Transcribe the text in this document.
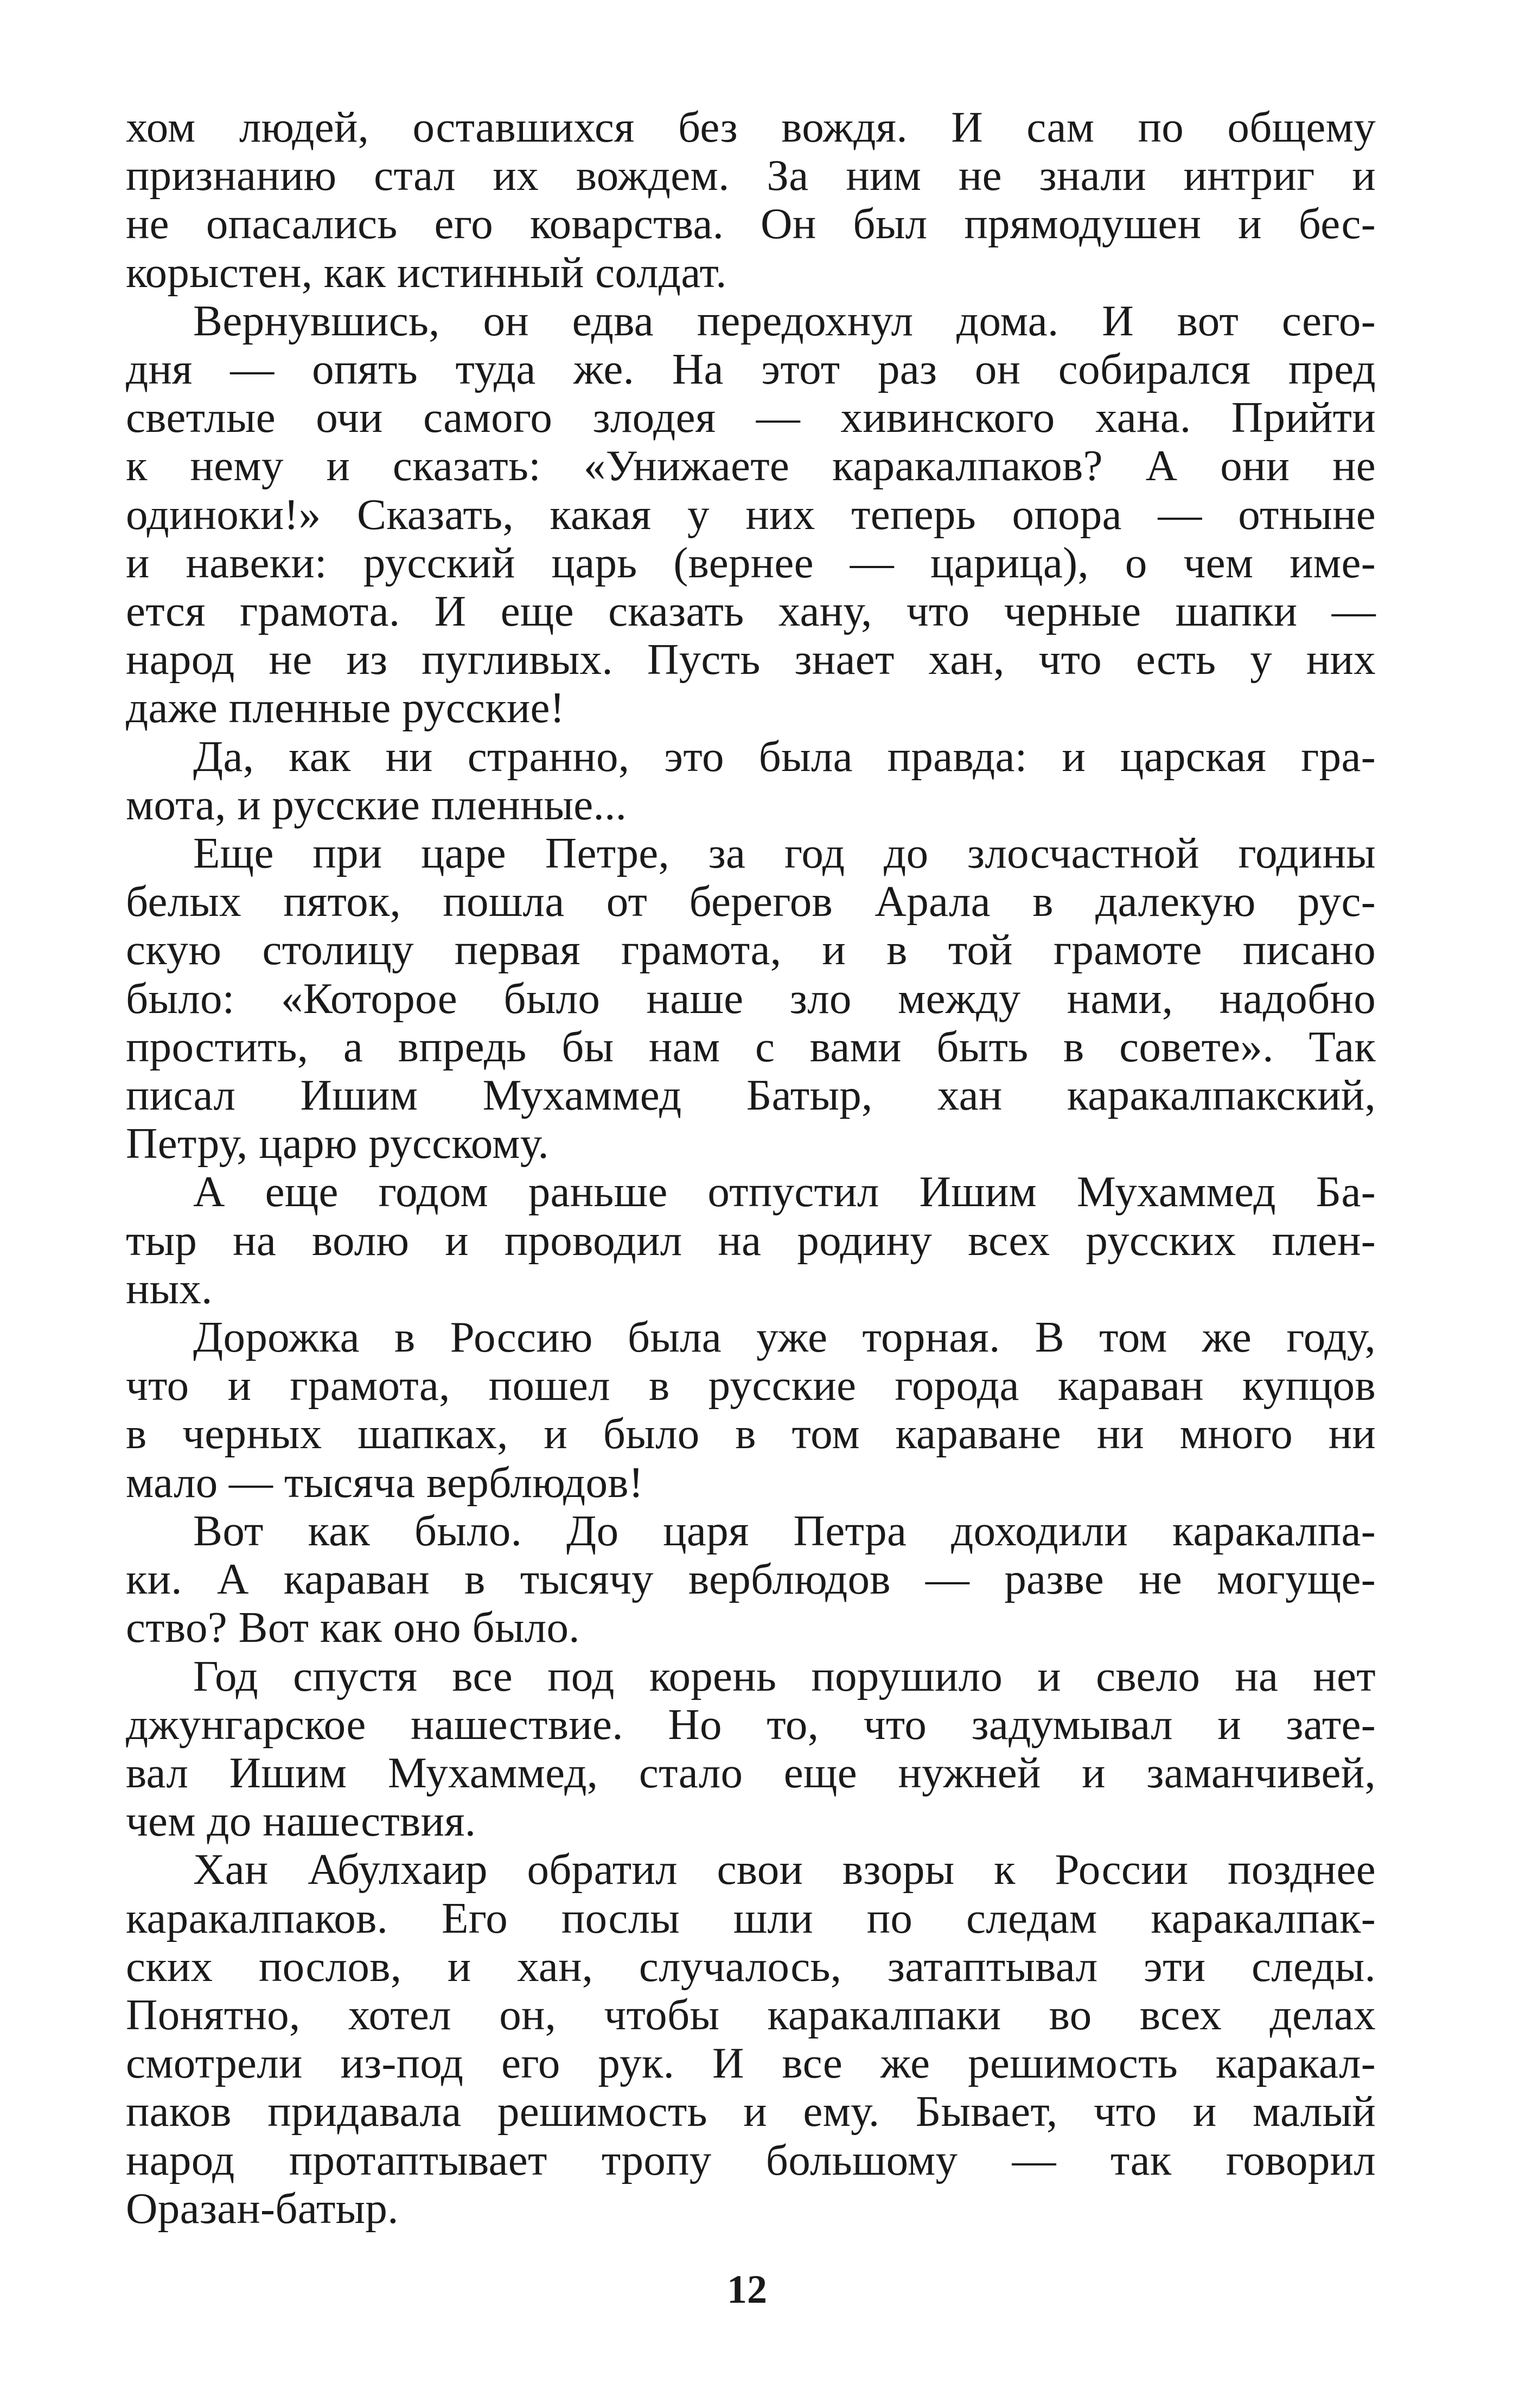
хом людей, оставшихся без вождя. И сам по общему
признанию стал их вождем. За ним не знали интриг и
не опасались его коварства. Он был прямодушен и бес-
корыстен, как истинный солдат.
Вернувшись, он едва передохнул дома. И вот сего-
дня — опять туда же. На этот раз он собирался пред
светлые очи самого злодея — хивинского хана. Прийти
к нему и сказать: «Унижаете каракалпаков? А они не
одиноки!» Сказать, какая у них теперь опора — отныне
и навеки: русский царь (вернее — царица), о чем име-
ется грамота. И еще сказать хану, что черные шапки —
народ не из пугливых. Пусть знает хан, что есть у них
даже пленные русские!
Да, как ни странно, это была правда: и царская гра-
мота, и русские пленные...
Еще при царе Петре, за год до злосчастной годины
белых пяток, пошла от берегов Арала в далекую рус-
скую столицу первая грамота, и в той грамоте писано
было: «Которое было наше зло между нами, надобно
простить, а впредь бы нам с вами быть в совете». Так
писал Ишим Мухаммед Батыр, хан каракалпакский,
Петру, царю русскому.
А еще годом раньше отпустил Ишим Мухаммед Ба-
тыр на волю и проводил на родину всех русских плен-
ных.
Дорожка в Россию была уже торная. В том же году,
что и грамота, пошел в русские города караван купцов
в черных шапках, и было в том караване ни много ни
мало — тысяча верблюдов!
Вот как было. До царя Петра доходили каракалпа-
ки. А караван в тысячу верблюдов — разве не могуще-
ство? Вот как оно было.
Год спустя все под корень порушило и свело на нет
джунгарское нашествие. Но то, что задумывал и зате-
вал Ишим Мухаммед, стало еще нужней и заманчивей,
чем до нашествия.
Хан Абулхаир обратил свои взоры к России позднее
каракалпаков. Его послы шли по следам каракалпак-
ских послов, и хан, случалось, затаптывал эти следы.
Понятно, хотел он, чтобы каракалпаки во всех делах
смотрели из-под его рук. И все же решимость каракал-
паков придавала решимость и ему. Бывает, что и малый
народ протаптывает тропу большому — так говорил
Оразан-батыр.
12
